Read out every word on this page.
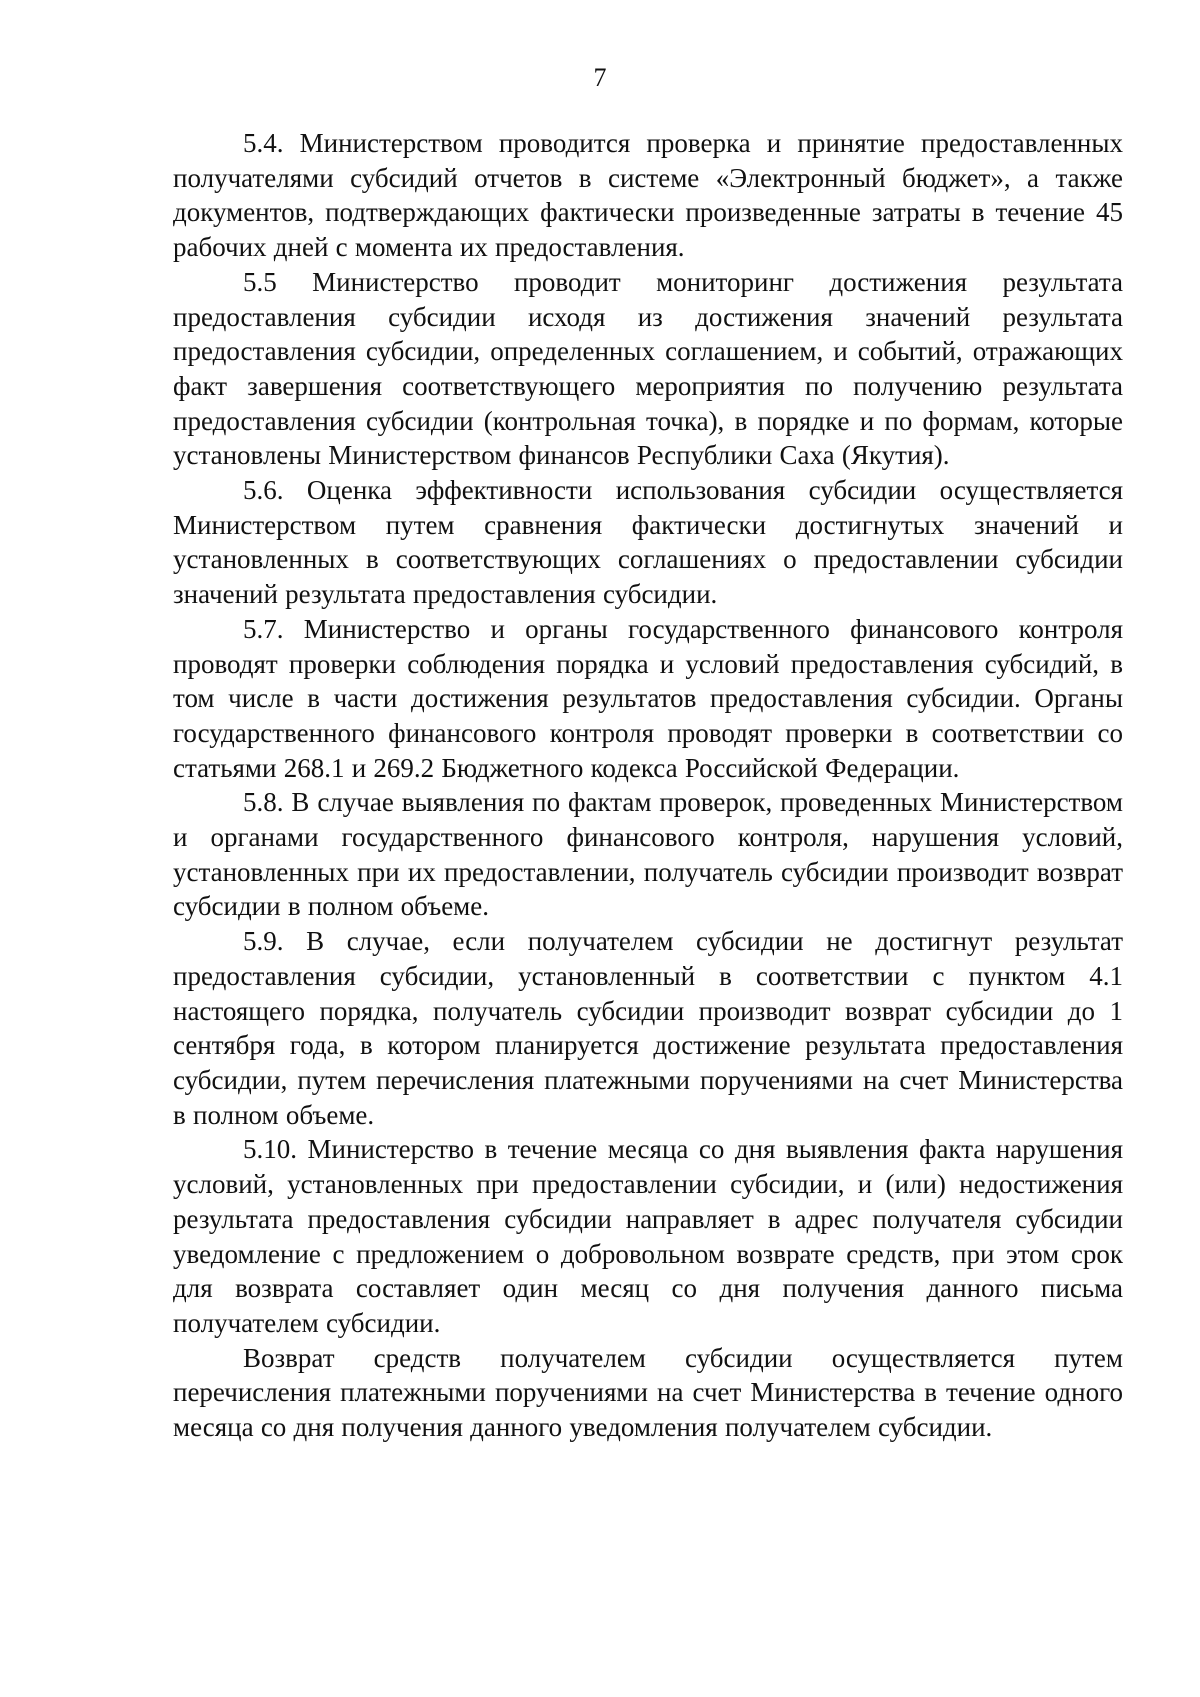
7

5.4. Министерством проводится проверка и принятие предоставленных получателями субсидий отчетов в системе «Электронный бюджет», а также документов, подтверждающих фактически произведенные затраты в течение 45 рабочих дней с момента их предоставления.

5.5 Министерство проводит мониторинг достижения результата предоставления субсидии исходя из достижения значений результата предоставления субсидии, определенных соглашением, и событий, отражающих факт завершения соответствующего мероприятия по получению результата предоставления субсидии (контрольная точка), в порядке и по формам, которые установлены Министерством финансов Республики Саха (Якутия).

5.6. Оценка эффективности использования субсидии осуществляется Министерством путем сравнения фактически достигнутых значений и установленных в соответствующих соглашениях о предоставлении субсидии значений результата предоставления субсидии.

5.7. Министерство и органы государственного финансового контроля проводят проверки соблюдения порядка и условий предоставления субсидий, в том числе в части достижения результатов предоставления субсидии. Органы государственного финансового контроля проводят проверки в соответствии со статьями 268.1 и 269.2 Бюджетного кодекса Российской Федерации.

5.8. В случае выявления по фактам проверок, проведенных Министерством и органами государственного финансового контроля, нарушения условий, установленных при их предоставлении, получатель субсидии производит возврат субсидии в полном объеме.

5.9. В случае, если получателем субсидии не достигнут результат предоставления субсидии, установленный в соответствии с пунктом 4.1 настоящего порядка, получатель субсидии производит возврат субсидии до 1 сентября года, в котором планируется достижение результата предоставления субсидии, путем перечисления платежными поручениями на счет Министерства в полном объеме.

5.10. Министерство в течение месяца со дня выявления факта нарушения условий, установленных при предоставлении субсидии, и (или) недостижения результата предоставления субсидии направляет в адрес получателя субсидии уведомление с предложением о добровольном возврате средств, при этом срок для возврата составляет один месяц со дня получения данного письма получателем субсидии.

Возврат средств получателем субсидии осуществляется путем перечисления платежными поручениями на счет Министерства в течение одного месяца со дня получения данного уведомления получателем субсидии.
